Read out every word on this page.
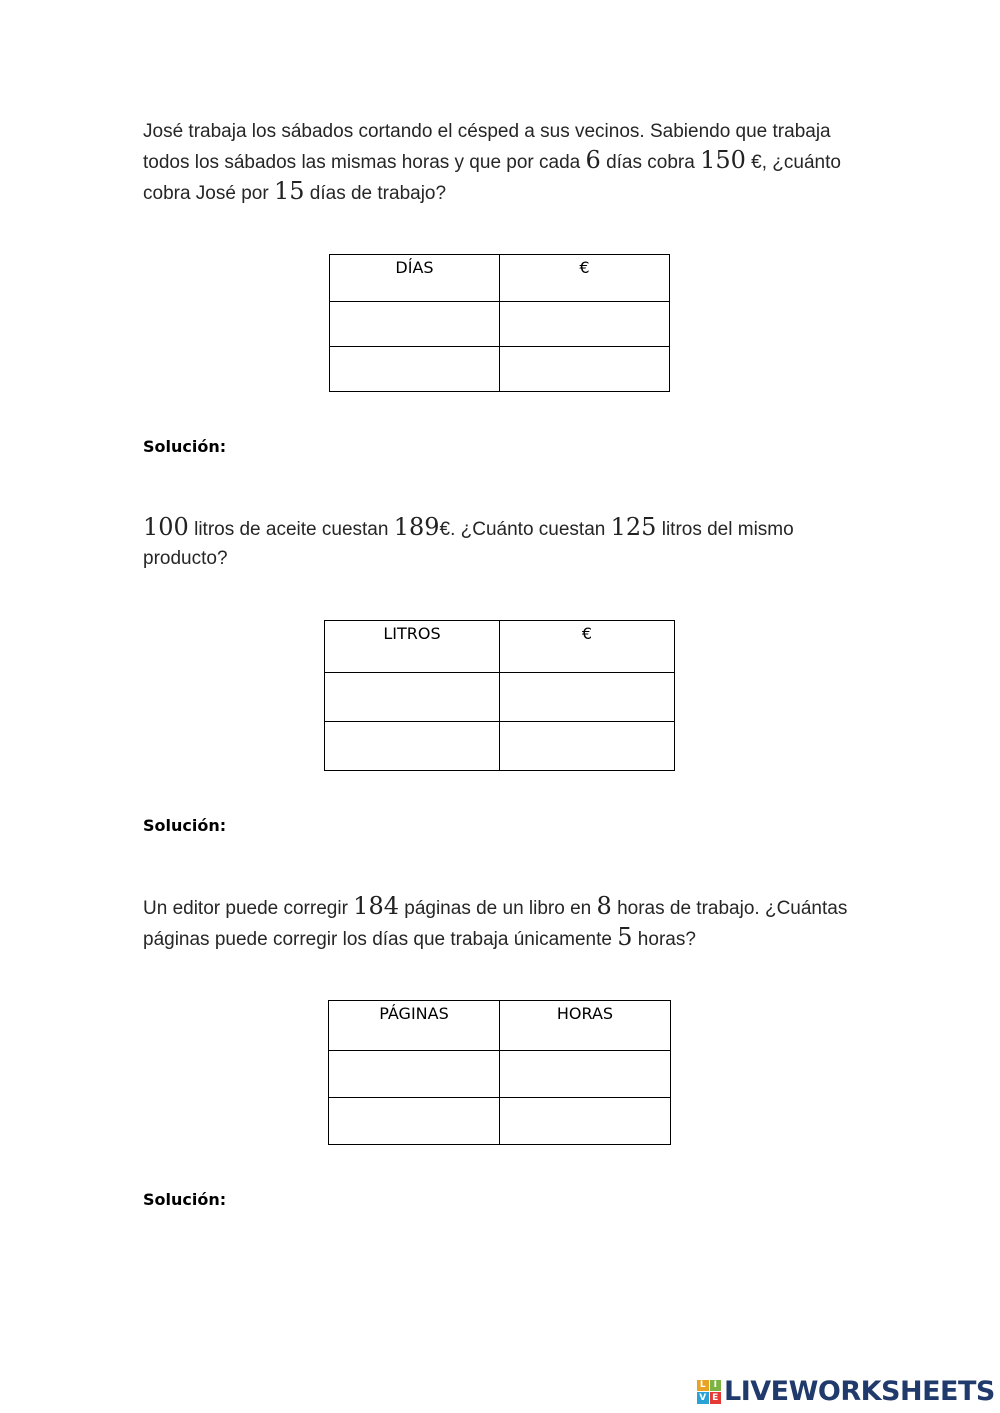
José trabaja los sábados cortando el césped a sus vecinos. Sabiendo que trabaja todos los sábados las mismas horas y que por cada 6 días cobra 150 €, ¿cuánto cobra José por 15 días de trabajo?

DÍAS	€

Solución:

100 litros de aceite cuestan 189€. ¿Cuánto cuestan 125 litros del mismo producto?

LITROS	€

Solución:

Un editor puede corregir 184 páginas de un libro en 8 horas de trabajo. ¿Cuántas páginas puede corregir los días que trabaja únicamente 5 horas?

PÁGINAS	HORAS

Solución:

L I
V E LIVEWORKSHEETS
